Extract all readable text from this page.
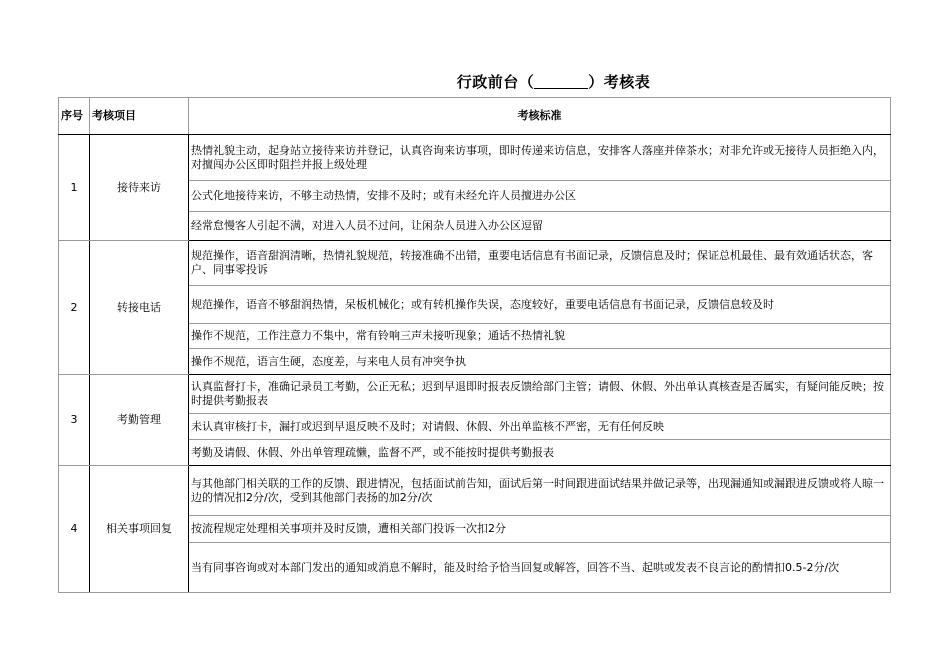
行政前台（	）考核表
序号	考核项目	考核标准
1	接待来访	热情礼貌主动，起身站立接待来访并登记，认真咨询来访事项，即时传递来访信息，安排客人落座并倖茶水；对非允许或无接待人员拒绝入内，对擅闯办公区即时阻拦并报上级处理
		公式化地接待来访，不够主动热情，安排不及时；或有未经允许人员擅进办公区
		经常怠慢客人引起不满，对进入人员不过问，让闲杂人员进入办公区逗留
2	转接电话	规范操作，语音甜润清晰，热情礼貌规范，转接准确不出错，重要电话信息有书面记录，反馈信息及时；保证总机最佳、最有效通话状态，客户、同事零投诉
		规范操作，语音不够甜润热情，呆板机械化；或有转机操作失误，态度较好，重要电话信息有书面记录，反馈信息较及时
		操作不规范，工作注意力不集中，常有铃响三声未接听现象；通话不热情礼貌
		操作不规范，语言生硬，态度差，与来电人员有冲突争执
3	考勤管理	认真监督打卡，准确记录员工考勤，公正无私；迟到早退即时报表反馈给部门主管；请假、休假、外出单认真核查是否属实，有疑问能反映；按时提供考勤报表
		未认真审核打卡，漏打或迟到早退反映不及时；对请假、休假、外出单监核不严密，无有任何反映
		考勤及请假、休假、外出单管理疏懒，监督不严，或不能按时提供考勤报表
4	相关事项回复	与其他部门相关联的工作的反馈、跟进情况，包括面试前告知，面试后第一时间跟进面试结果并做记录等，出现漏通知或漏跟进反馈或将人晾一边的情况扣2分/次，受到其他部门表扬的加2分/次
		按流程规定处理相关事项并及时反馈，遭相关部门投诉一次扣2分
		当有同事咨询或对本部门发出的通知或消息不解时，能及时给予恰当回复或解答，回答不当、起哄或发表不良言论的酌情扣0.5-2分/次
